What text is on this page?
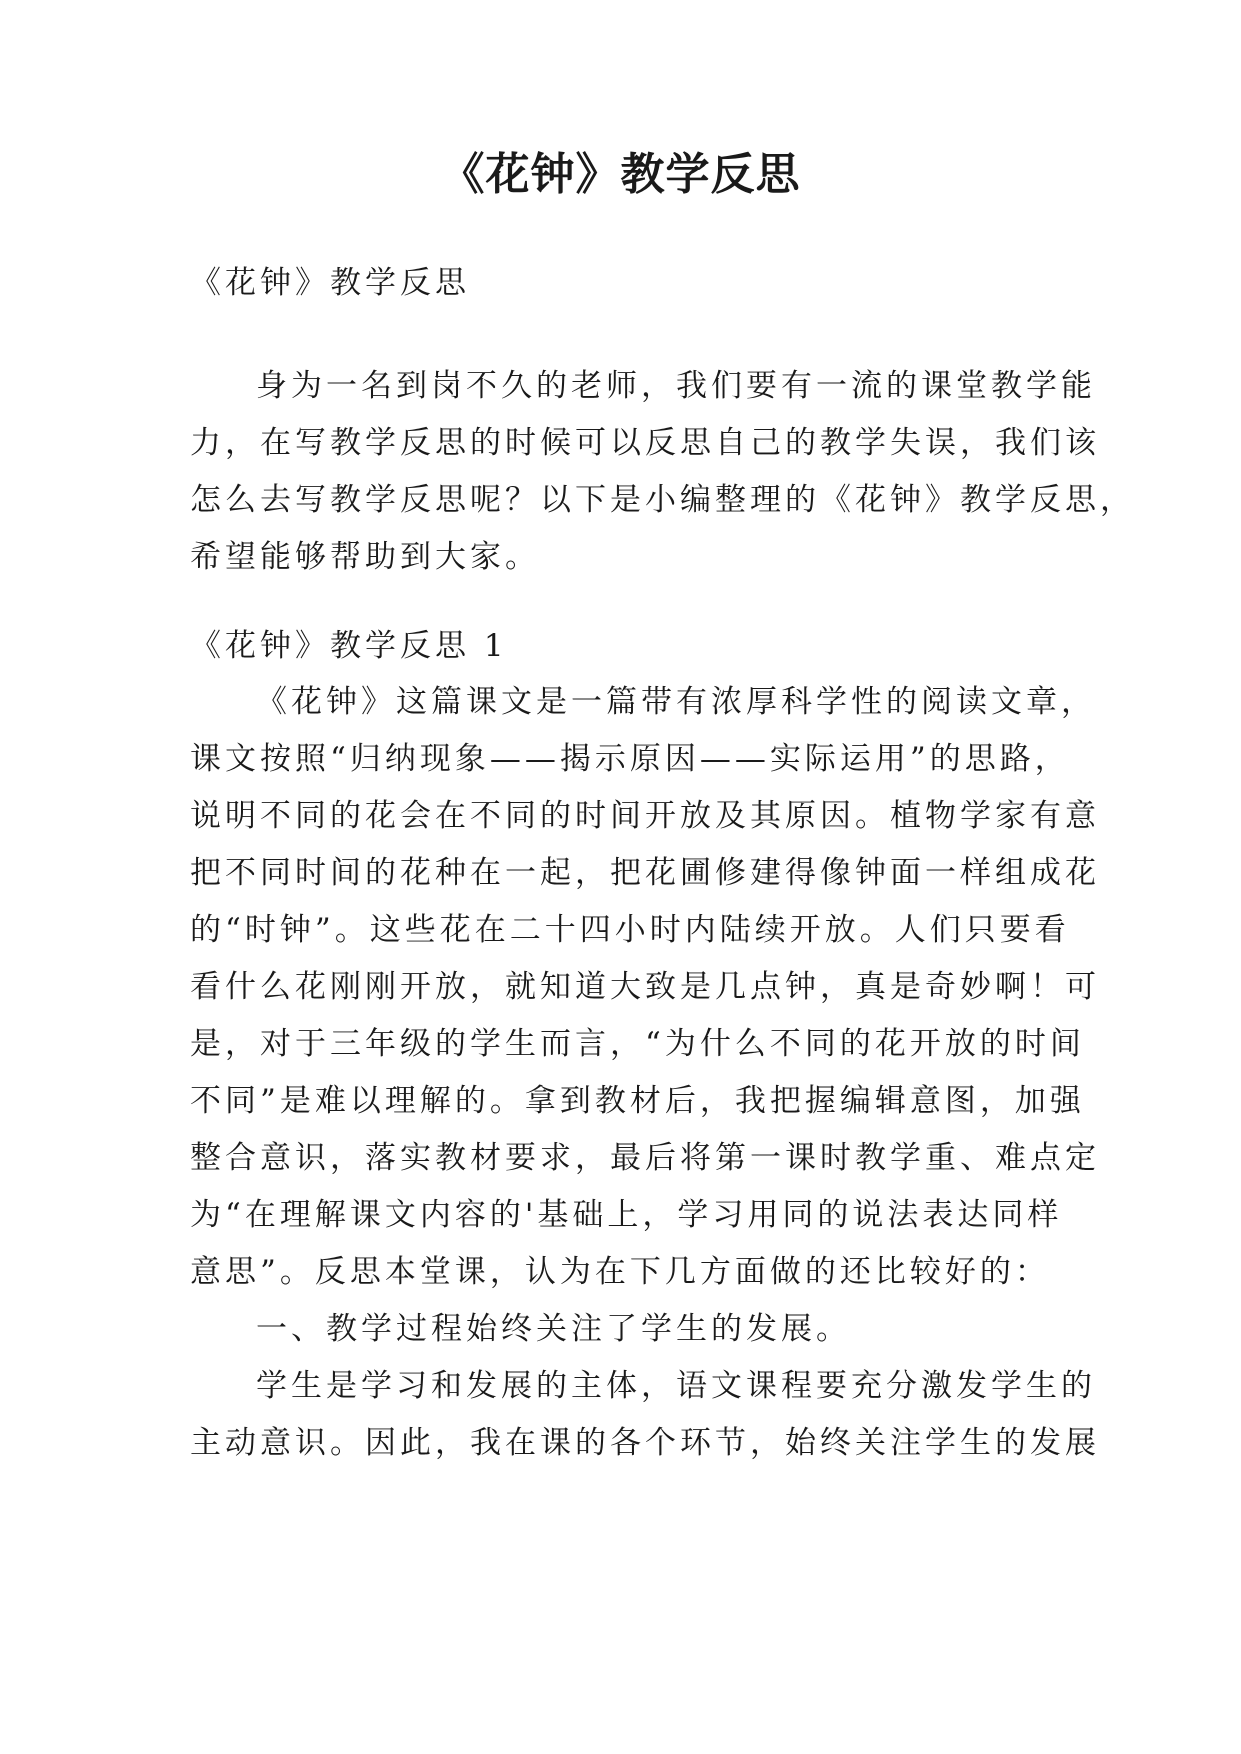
《花钟》教学反思
《花钟》教学反思
身为一名到岗不久的老师，我们要有一流的课堂教学能
力，在写教学反思的时候可以反思自己的教学失误，我们该
怎么去写教学反思呢？以下是小编整理的《花钟》教学反思，
希望能够帮助到大家。
《花钟》教学反思 1
《花钟》这篇课文是一篇带有浓厚科学性的阅读文章，
课文按照“归纳现象——揭示原因——实际运用”的思路，
说明不同的花会在不同的时间开放及其原因。植物学家有意
把不同时间的花种在一起，把花圃修建得像钟面一样组成花
的“时钟”。这些花在二十四小时内陆续开放。人们只要看
看什么花刚刚开放，就知道大致是几点钟，真是奇妙啊！可
是，对于三年级的学生而言，“为什么不同的花开放的时间
不同”是难以理解的。拿到教材后，我把握编辑意图，加强
整合意识，落实教材要求，最后将第一课时教学重、难点定
为“在理解课文内容的'基础上，学习用同的说法表达同样
意思”。反思本堂课，认为在下几方面做的还比较好的：
一、教学过程始终关注了学生的发展。
学生是学习和发展的主体，语文课程要充分激发学生的
主动意识。因此，我在课的各个环节，始终关注学生的发展
